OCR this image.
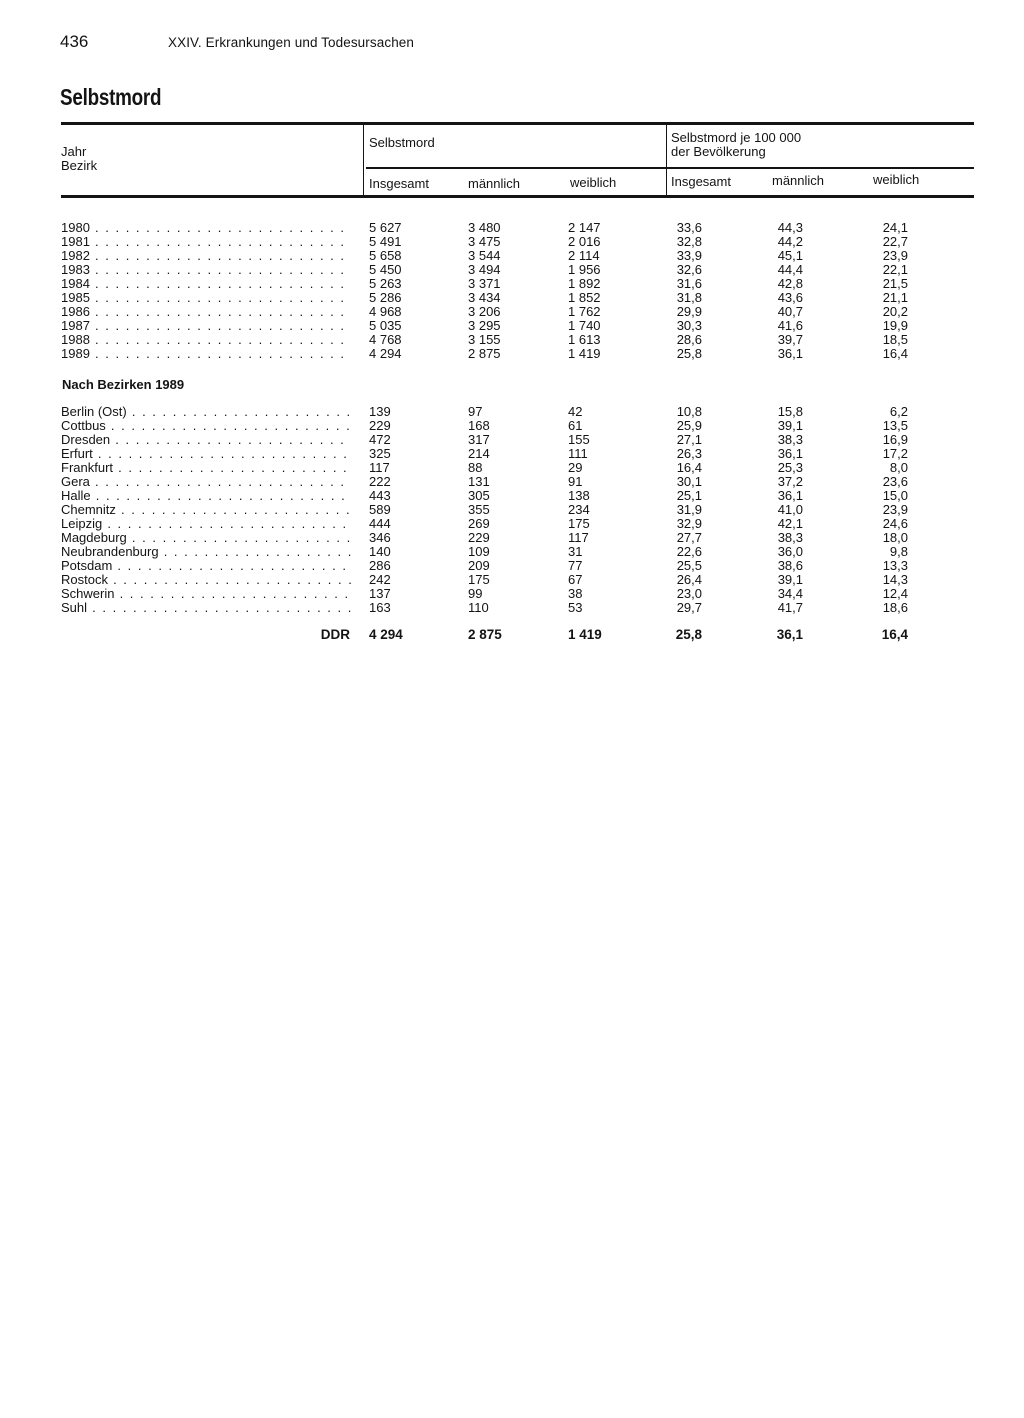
436	XXIV. Erkrankungen und Todesursachen
Selbstmord
Jahr
Bezirk
Selbstmord	Selbstmord je 100 000
der Bevölkerung
Insgesamt	männlich	weiblich	Insgesamt	männlich	weiblich
1980 . . .	5 627	3 480	2 147	33,6	44,3	24,1
1981 . . .	5 491	3 475	2 016	32,8	44,2	22,7
1982 . . .	5 658	3 544	2 114	33,9	45,1	23,9
1983 . . .	5 450	3 494	1 956	32,6	44,4	22,1
1984 . . .	5 263	3 371	1 892	31,6	42,8	21,5
1985 . . .	5 286	3 434	1 852	31,8	43,6	21,1
1986 . . .	4 968	3 206	1 762	29,9	40,7	20,2
1987 . . .	5 035	3 295	1 740	30,3	41,6	19,9
1988 . . .	4 768	3 155	1 613	28,6	39,7	18,5
1989 . . .	4 294	2 875	1 419	25,8	36,1	16,4
Nach Bezirken 1989
Berlin (Ost) . . .	139	97	42	10,8	15,8	6,2
Cottbus . . .	229	168	61	25,9	39,1	13,5
Dresden . . .	472	317	155	27,1	38,3	16,9
Erfurt . . .	325	214	111	26,3	36,1	17,2
Frankfurt . . .	117	88	29	16,4	25,3	8,0
Gera . . .	222	131	91	30,1	37,2	23,6
Halle . . .	443	305	138	25,1	36,1	15,0
Chemnitz . . .	589	355	234	31,9	41,0	23,9
Leipzig . . .	444	269	175	32,9	42,1	24,6
Magdeburg . . .	346	229	117	27,7	38,3	18,0
Neubrandenburg . . .	140	109	31	22,6	36,0	9,8
Potsdam . . .	286	209	77	25,5	38,6	13,3
Rostock . . .	242	175	67	26,4	39,1	14,3
Schwerin . . .	137	99	38	23,0	34,4	12,4
Suhl . . .	163	110	53	29,7	41,7	18,6
DDR 4 294	2 875	1 419	25,8	36,1	16,4
